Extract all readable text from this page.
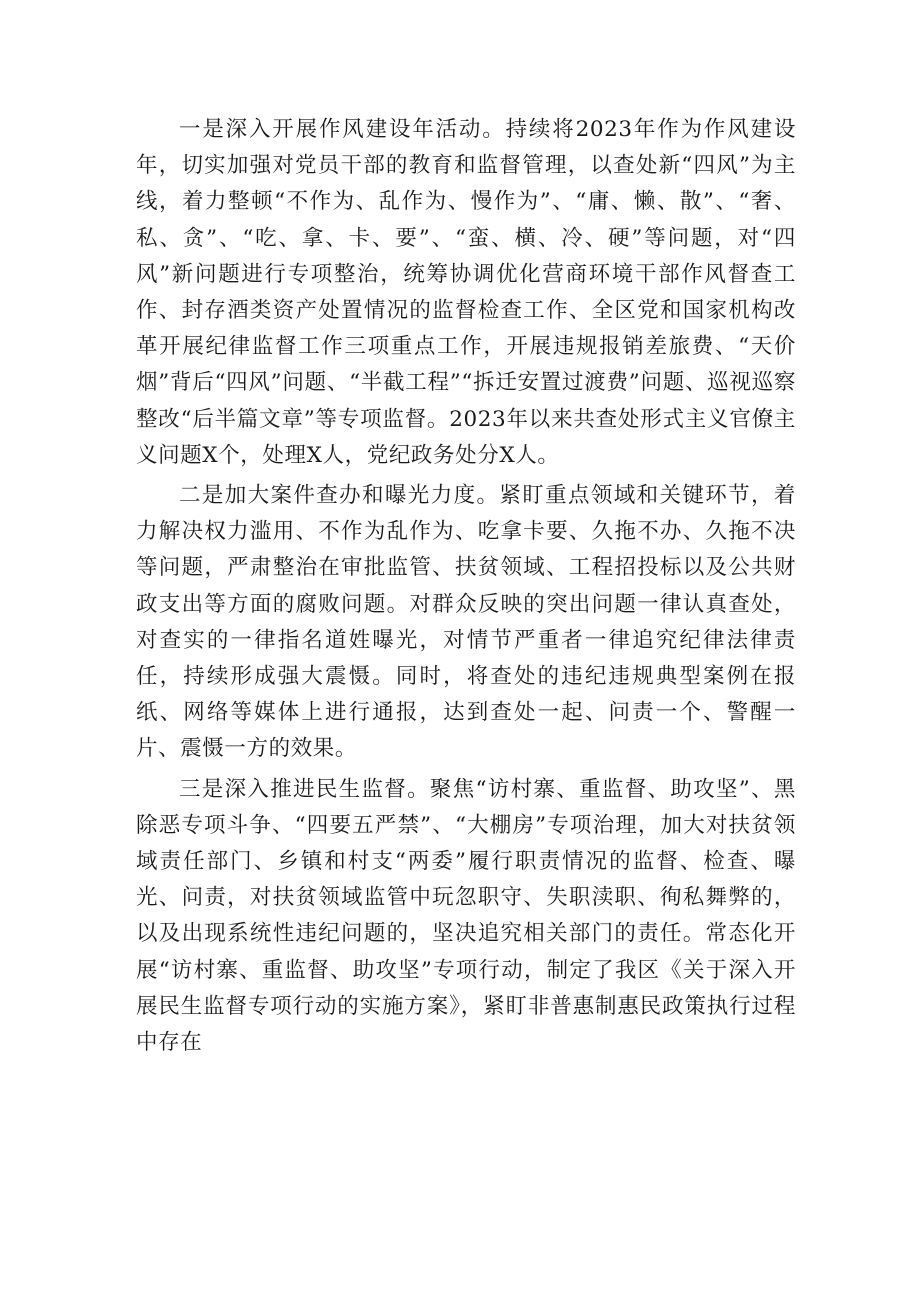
一是深入开展作风建设年活动。持续将2023年作为作风建设年，切实加强对党员干部的教育和监督管理，以查处新“四风”为主线，着力整顿“不作为、乱作为、慢作为”、“庸、懒、散”、“奢、私、贪”、“吃、拿、卡、要”、“蛮、横、冷、硬”等问题，对“四风”新问题进行专项整治，统筹协调优化营商环境干部作风督查工作、封存酒类资产处置情况的监督检查工作、全区党和国家机构改革开展纪律监督工作三项重点工作，开展违规报销差旅费、“天价烟”背后“四风”问题、“半截工程”“拆迁安置过渡费”问题、巡视巡察整改“后半篇文章”等专项监督。2023年以来共查处形式主义官僚主义问题X个，处理X人，党纪政务处分X人。

二是加大案件查办和曝光力度。紧盯重点领域和关键环节，着力解决权力滥用、不作为乱作为、吃拿卡要、久拖不办、久拖不决等问题，严肃整治在审批监管、扶贫领域、工程招投标以及公共财政支出等方面的腐败问题。对群众反映的突出问题一律认真查处，对查实的一律指名道姓曝光，对情节严重者一律追究纪律法律责任，持续形成强大震慑。同时，将查处的违纪违规典型案例在报纸、网络等媒体上进行通报，达到查处一起、问责一个、警醒一片、震慑一方的效果。

三是深入推进民生监督。聚焦“访村寨、重监督、助攻坚”、黑除恶专项斗争、“四要五严禁”、“大棚房”专项治理，加大对扶贫领域责任部门、乡镇和村支“两委”履行职责情况的监督、检查、曝光、问责，对扶贫领域监管中玩忽职守、失职渎职、徇私舞弊的，以及出现系统性违纪问题的，坚决追究相关部门的责任。常态化开展“访村寨、重监督、助攻坚”专项行动，制定了我区《关于深入开展民生监督专项行动的实施方案》，紧盯非普惠制惠民政策执行过程中存在
